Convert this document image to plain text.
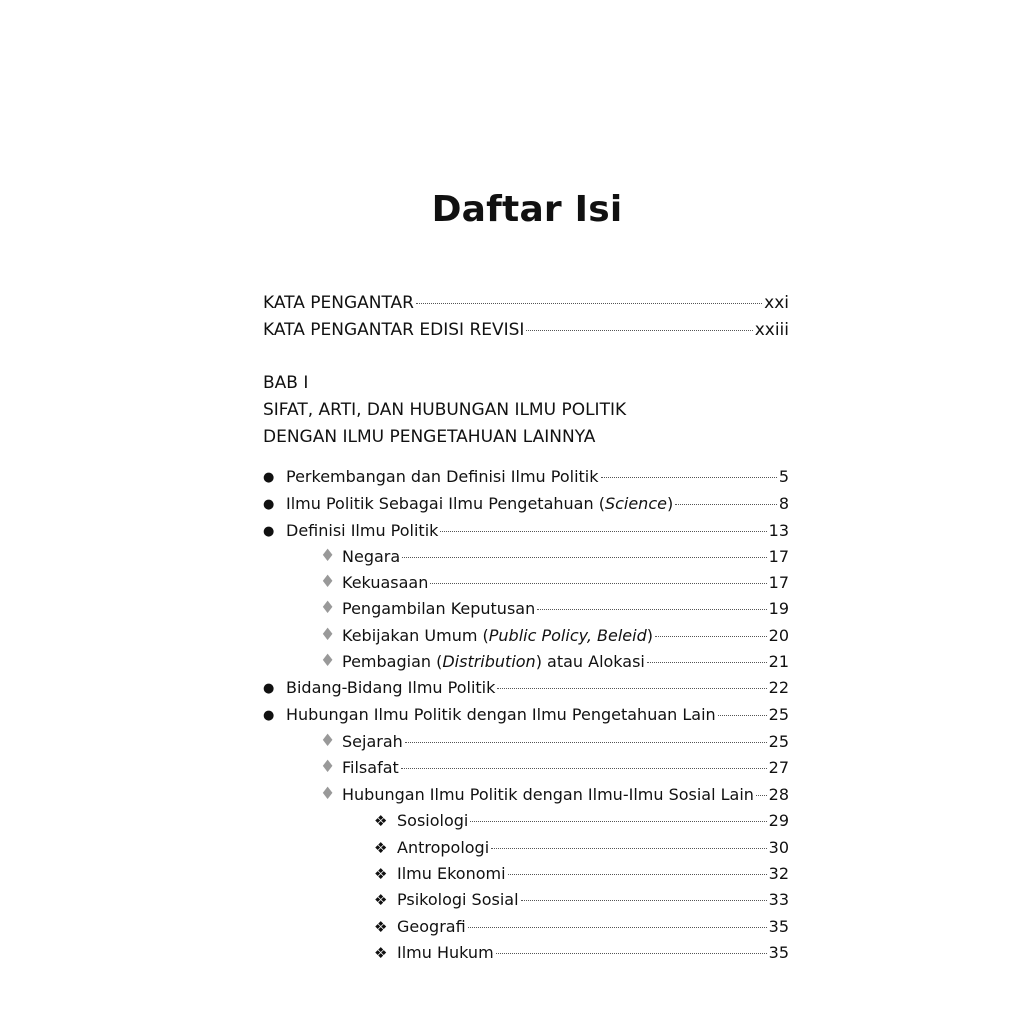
Daftar Isi
KATA PENGANTAR	xxi
KATA PENGANTAR EDISI REVISI	xxiii
BAB I
SIFAT, ARTI, DAN HUBUNGAN ILMU POLITIK
DENGAN ILMU PENGETAHUAN LAINNYA
● Perkembangan dan Definisi Ilmu Politik	5
● Ilmu Politik Sebagai Ilmu Pengetahuan (Science)	8
● Definisi Ilmu Politik	13
♦ Negara	17
♦ Kekuasaan	17
♦ Pengambilan Keputusan	19
♦ Kebijakan Umum (Public Policy, Beleid)	20
♦ Pembagian (Distribution) atau Alokasi	21
● Bidang-Bidang Ilmu Politik	22
● Hubungan Ilmu Politik dengan Ilmu Pengetahuan Lain	25
♦ Sejarah	25
♦ Filsafat	27
♦ Hubungan Ilmu Politik dengan Ilmu-Ilmu Sosial Lain 28
❖ Sosiologi	29
❖ Antropologi	30
❖ Ilmu Ekonomi	32
❖ Psikologi Sosial	33
❖ Geografi	35
❖ Ilmu Hukum	35
